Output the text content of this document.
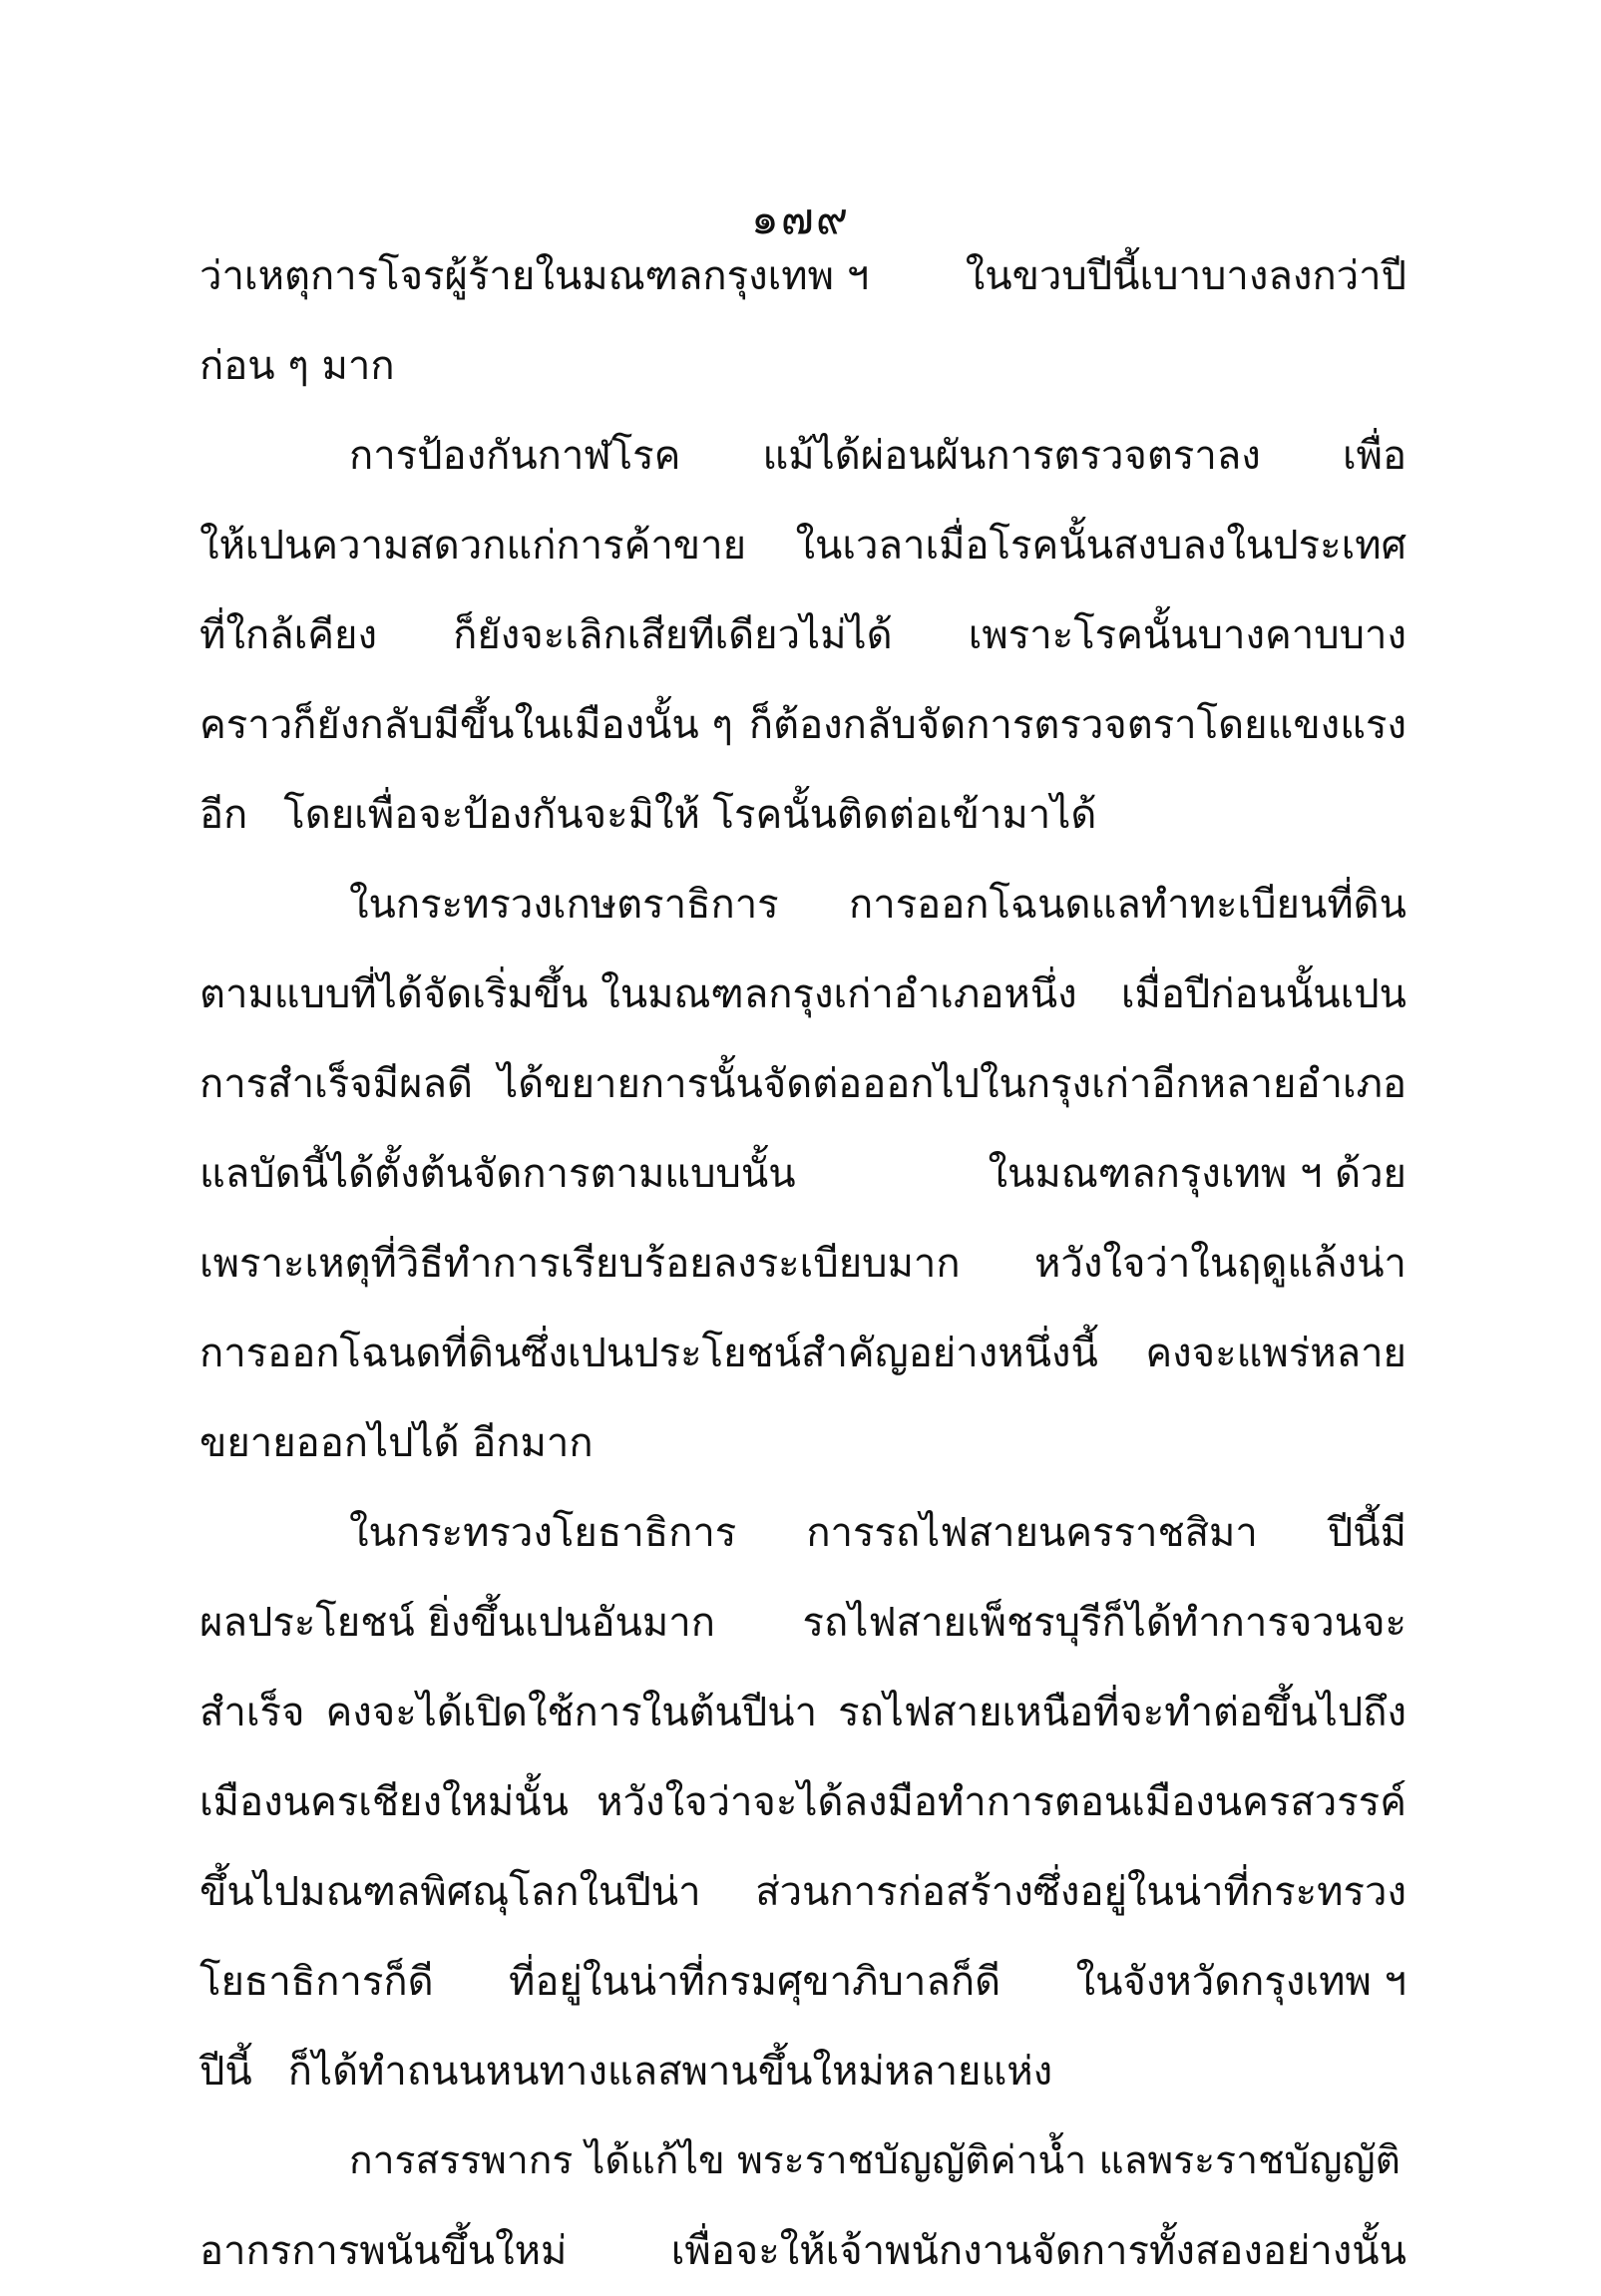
๑๗๙
ว่าเหตุการโจรผู้ร้ายในมณฑลกรุงเทพ ฯ ในขวบปีนี้เบาบางลงกว่าปี
ก่อน ๆ มาก
การป้องกันกาฬโรค แม้ได้ผ่อนผันการตรวจตราลง เพื่อ
ให้เปนความสดวกแก่การค้าขาย ในเวลาเมื่อโรคนั้นสงบลงในประเทศ
ที่ใกล้เคียง ก็ยังจะเลิกเสียทีเดียวไม่ได้ เพราะโรคนั้นบางคาบบาง
คราวก็ยังกลับมีขึ้นในเมืองนั้น ๆ ก็ต้องกลับจัดการตรวจตราโดยแขงแรง
อีก โดยเพื่อจะป้องกันจะมิให้ โรคนั้นติดต่อเข้ามาได้
ในกระทรวงเกษตราธิการ การออกโฉนดแลทำทะเบียนที่ดิน
ตามแบบที่ได้จัดเริ่มขึ้น ในมณฑลกรุงเก่าอำเภอหนึ่ง เมื่อปีก่อนนั้นเปน
การสำเร็จมีผลดี ได้ขยายการนั้นจัดต่อออกไปในกรุงเก่าอีกหลายอำเภอ
แลบัดนี้ได้ตั้งต้นจัดการตามแบบนั้น	ในมณฑลกรุงเทพ ฯ ด้วย
เพราะเหตุที่วิธีทำการเรียบร้อยลงระเบียบมาก หวังใจว่าในฤดูแล้งน่า
การออกโฉนดที่ดินซึ่งเปนประโยชน์สำคัญอย่างหนึ่งนี้ คงจะแพร่หลาย
ขยายออกไปได้ อีกมาก
ในกระทรวงโยธาธิการ การรถไฟสายนครราชสิมา ปีนี้มี
ผลประโยชน์ ยิ่งขึ้นเปนอันมาก รถไฟสายเพ็ชรบุรีก็ได้ทำการจวนจะ
สำเร็จ คงจะได้เปิดใช้การในต้นปีน่า รถไฟสายเหนือที่จะทำต่อขึ้นไปถึง
เมืองนครเชียงใหม่นั้น หวังใจว่าจะได้ลงมือทำการตอนเมืองนครสวรรค์
ขึ้นไปมณฑลพิศณุโลกในปีน่า ส่วนการก่อสร้างซึ่งอยู่ในน่าที่กระทรวง
โยธาธิการก็ดี ที่อยู่ในน่าที่กรมศุขาภิบาลก็ดี ในจังหวัดกรุงเทพ ฯ
ปีนี้ ก็ได้ทำถนนหนทางแลสพานขึ้นใหม่หลายแห่ง
การสรรพากร ได้แก้ไข พระราชบัญญัติค่าน้ำ แลพระราชบัญญัติ
อากรการพนันขึ้นใหม่	เพื่อจะให้เจ้าพนักงานจัดการทั้งสองอย่างนั้น
